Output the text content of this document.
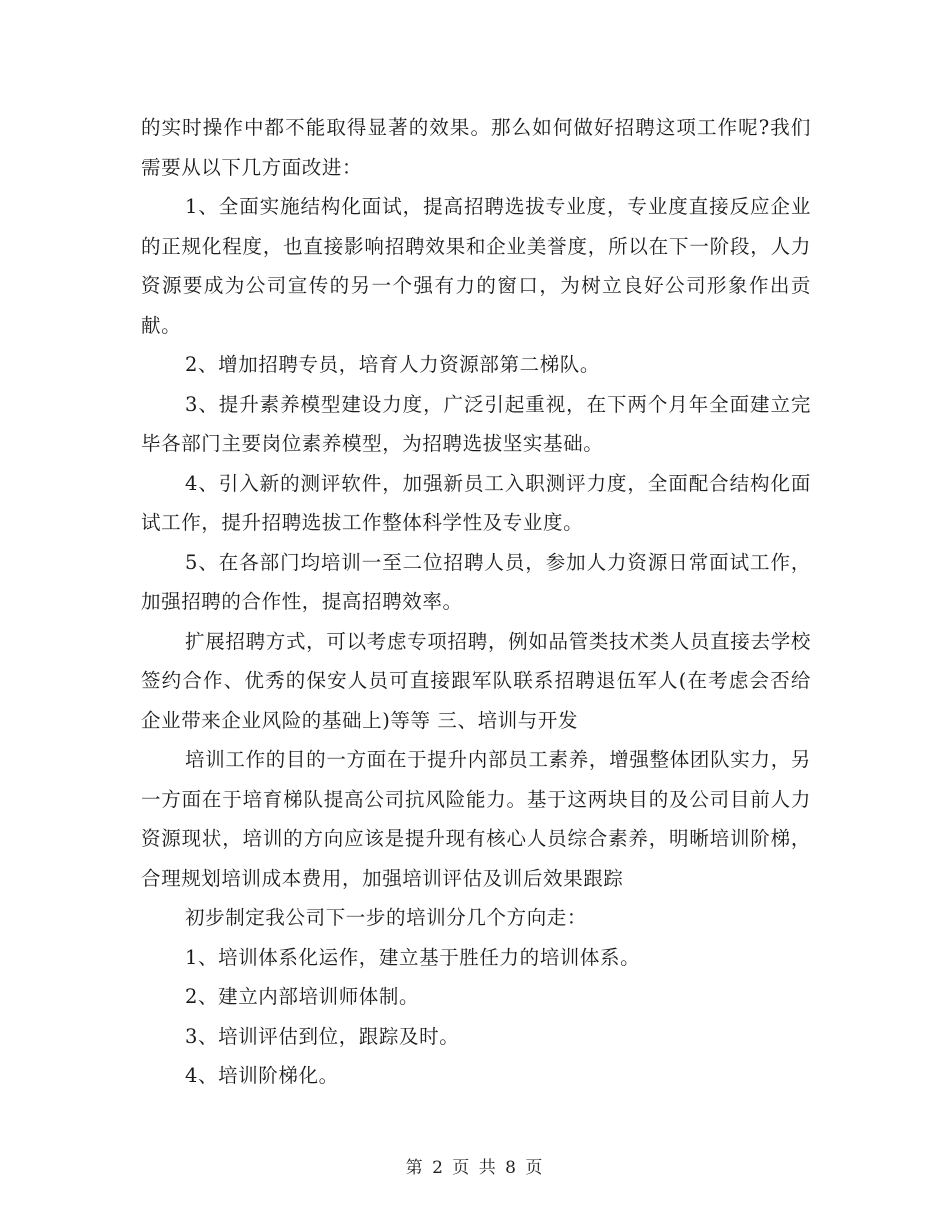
的实时操作中都不能取得显著的效果。那么如何做好招聘这项工作呢?我们需要从以下几方面改进：

1、全面实施结构化面试，提高招聘选拔专业度，专业度直接反应企业的正规化程度，也直接影响招聘效果和企业美誉度，所以在下一阶段，人力资源要成为公司宣传的另一个强有力的窗口，为树立良好公司形象作出贡献。

2、增加招聘专员，培育人力资源部第二梯队。

3、提升素养模型建设力度，广泛引起重视，在下两个月年全面建立完毕各部门主要岗位素养模型，为招聘选拔坚实基础。

4、引入新的测评软件，加强新员工入职测评力度，全面配合结构化面试工作，提升招聘选拔工作整体科学性及专业度。

5、在各部门均培训一至二位招聘人员，参加人力资源日常面试工作，加强招聘的合作性，提高招聘效率。

扩展招聘方式，可以考虑专项招聘，例如品管类技术类人员直接去学校签约合作、优秀的保安人员可直接跟军队联系招聘退伍军人(在考虑会否给企业带来企业风险的基础上)等等 三、培训与开发

培训工作的目的一方面在于提升内部员工素养，增强整体团队实力，另一方面在于培育梯队提高公司抗风险能力。基于这两块目的及公司目前人力资源现状，培训的方向应该是提升现有核心人员综合素养，明晰培训阶梯，合理规划培训成本费用，加强培训评估及训后效果跟踪

初步制定我公司下一步的培训分几个方向走：

1、培训体系化运作，建立基于胜任力的培训体系。

2、建立内部培训师体制。

3、培训评估到位，跟踪及时。

4、培训阶梯化。

第 2 页 共 8 页
